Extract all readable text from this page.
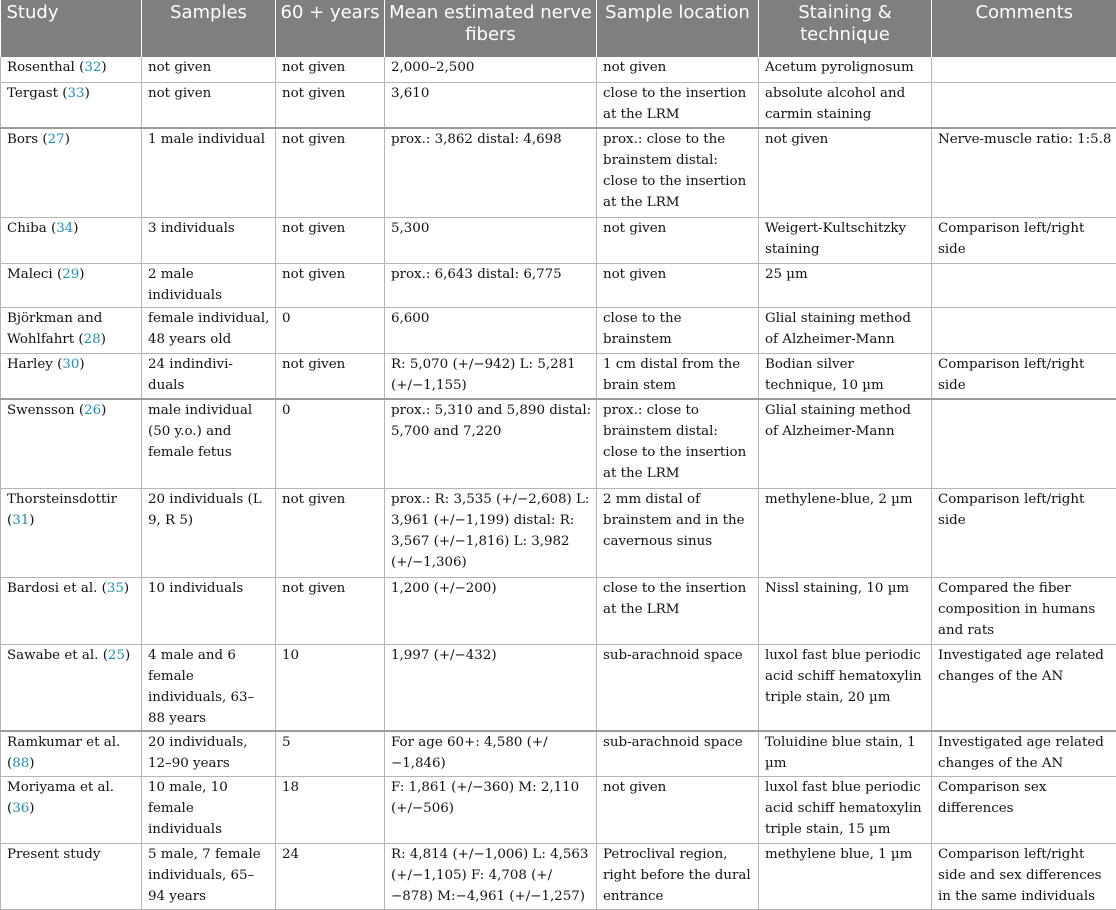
Study	Samples	60 + years	Mean estimated nerve fibers	Sample location	Staining & technique	Comments
Rosenthal (32)	not given	not given	2,000–2,500	not given	Acetum pyrolignosum	
Tergast (33)	not given	not given	3,610	close to the insertion at the LRM	absolute alcohol and carmin staining	
Bors (27)	1 male individual	not given	prox.: 3,862 distal: 4,698	prox.: close to the brainstem distal: close to the insertion at the LRM	not given	Nerve-muscle ratio: 1:5.8
Chiba (34)	3 individuals	not given	5,300	not given	Weigert-Kultschitzky staining	Comparison left/right side
Maleci (29)	2 male individuals	not given	prox.: 6,643 distal: 6,775	not given	25 µm	
Björkman and Wohlfahrt (28)	female individual, 48 years old	0	6,600	close to the brainstem	Glial staining method of Alzheimer-Mann	
Harley (30)	24 indindivi- duals	not given	R: 5,070 (+/−942) L: 5,281 (+/−1,155)	1 cm distal from the brain stem	Bodian silver technique, 10 µm	Comparison left/right side
Swensson (26)	male individual (50 y.o.) and female fetus	0	prox.: 5,310 and 5,890 distal: 5,700 and 7,220	prox.: close to brainstem distal: close to the insertion at the LRM	Glial staining method of Alzheimer-Mann	
Thorsteinsdottir (31)	20 individuals (L 9, R 5)	not given	prox.: R: 3,535 (+/−2,608) L: 3,961 (+/−1,199) distal: R: 3,567 (+/−1,816) L: 3,982 (+/−1,306)	2 mm distal of brainstem and in the cavernous sinus	methylene-blue, 2 µm	Comparison left/right side
Bardosi et al. (35)	10 individuals	not given	1,200 (+/−200)	close to the insertion at the LRM	Nissl staining, 10 µm	Compared the fiber composition in humans and rats
Sawabe et al. (25)	4 male and 6 female individuals, 63–88 years	10	1,997 (+/−432)	sub-arachnoid space	luxol fast blue periodic acid schiff hematoxylin triple stain, 20 µm	Investigated age related changes of the AN
Ramkumar et al. (88)	20 individuals, 12–90 years	5	For age 60+: 4,580 (+/−1,846)	sub-arachnoid space	Toluidine blue stain, 1 µm	Investigated age related changes of the AN
Moriyama et al. (36)	10 male, 10 female individuals	18	F: 1,861 (+/−360) M: 2,110 (+/−506)	not given	luxol fast blue periodic acid schiff hematoxylin triple stain, 15 µm	Comparison sex differences
Present study	5 male, 7 female individuals, 65–94 years	24	R: 4,814 (+/−1,006) L: 4,563 (+/−1,105) F: 4,708 (+/−878) M:−4,961 (+/−1,257)	Petroclival region, right before the dural entrance	methylene blue, 1 µm	Comparison left/right side and sex differences in the same individuals
